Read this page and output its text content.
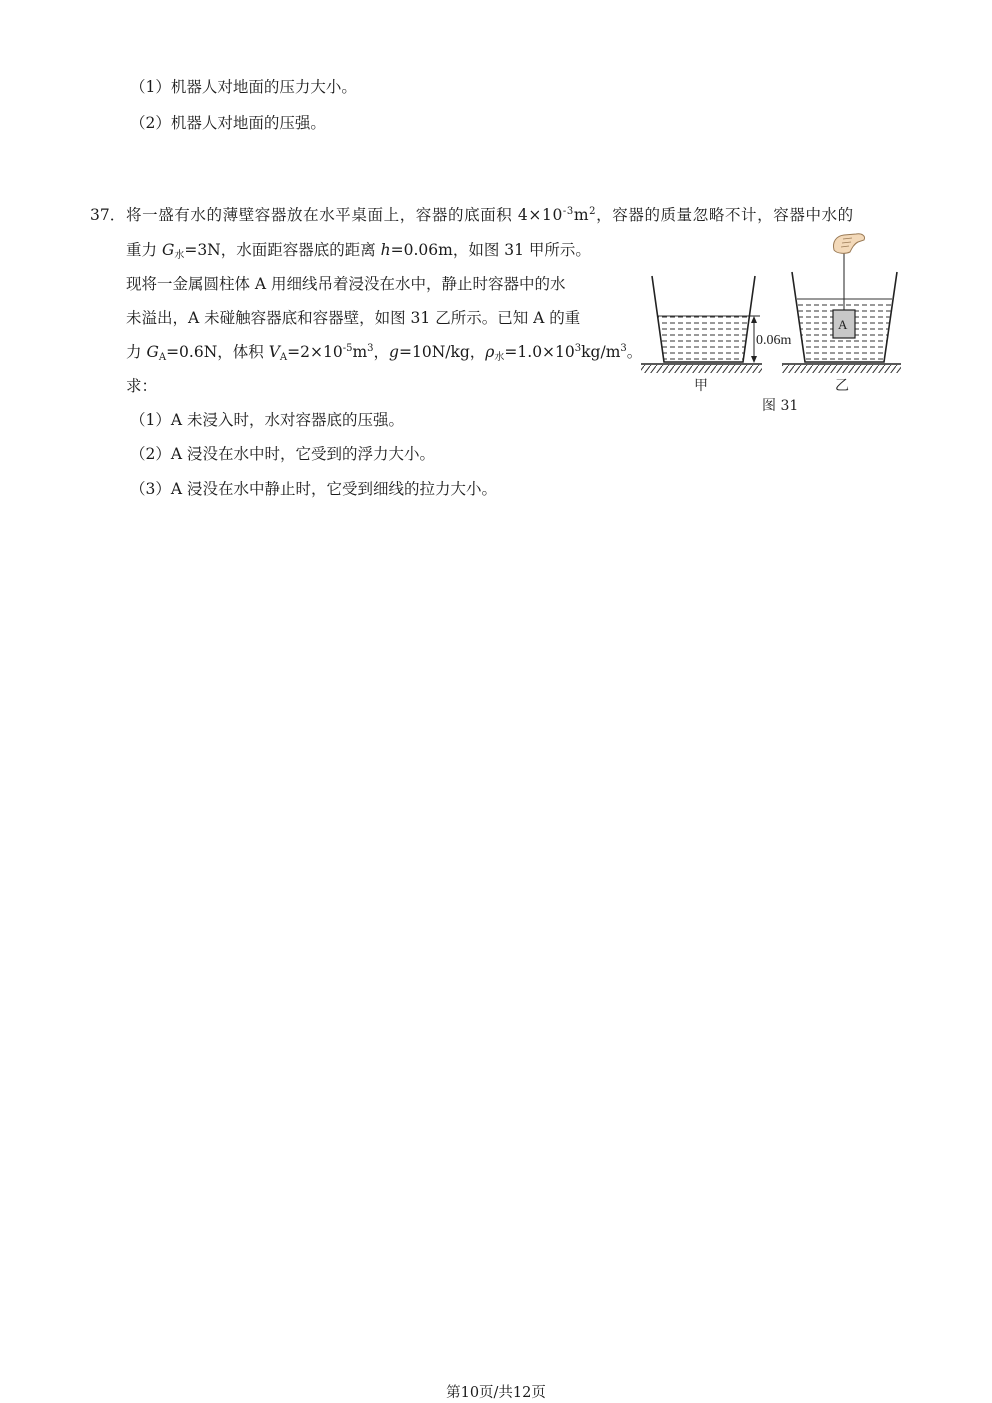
（1）机器人对地面的压力大小。
（2）机器人对地面的压强。
37． 将一盛有水的薄壁容器放在水平桌面上，容器的底面积 $4\times 10^{-3}m^2$，容器的质量忽略不计，容器中水的
重力 $G_水=3N$，水面距容器底的距离 h=0.06m，如图 31 甲所示。
现将一金属圆柱体 A 用细线吊着浸没在水中，静止时容器中的水
未溢出，A 未碰触容器底和容器壁，如图 31 乙所示。已知 A 的重
力 $G_A=0.6N$，体积 $V_A=2\times 10^{-5}m^3$，g=10N/kg，$\rho_水=1.0\times 10^3kg/m^3$。
求：
（1）A 未浸入时，水对容器底的压强。
（2）A 浸没在水中时，它受到的浮力大小。
（3）A 浸没在水中静止时，它受到细线的拉力大小。
0.06m
甲
A
乙
图 31
第10页/共12页
